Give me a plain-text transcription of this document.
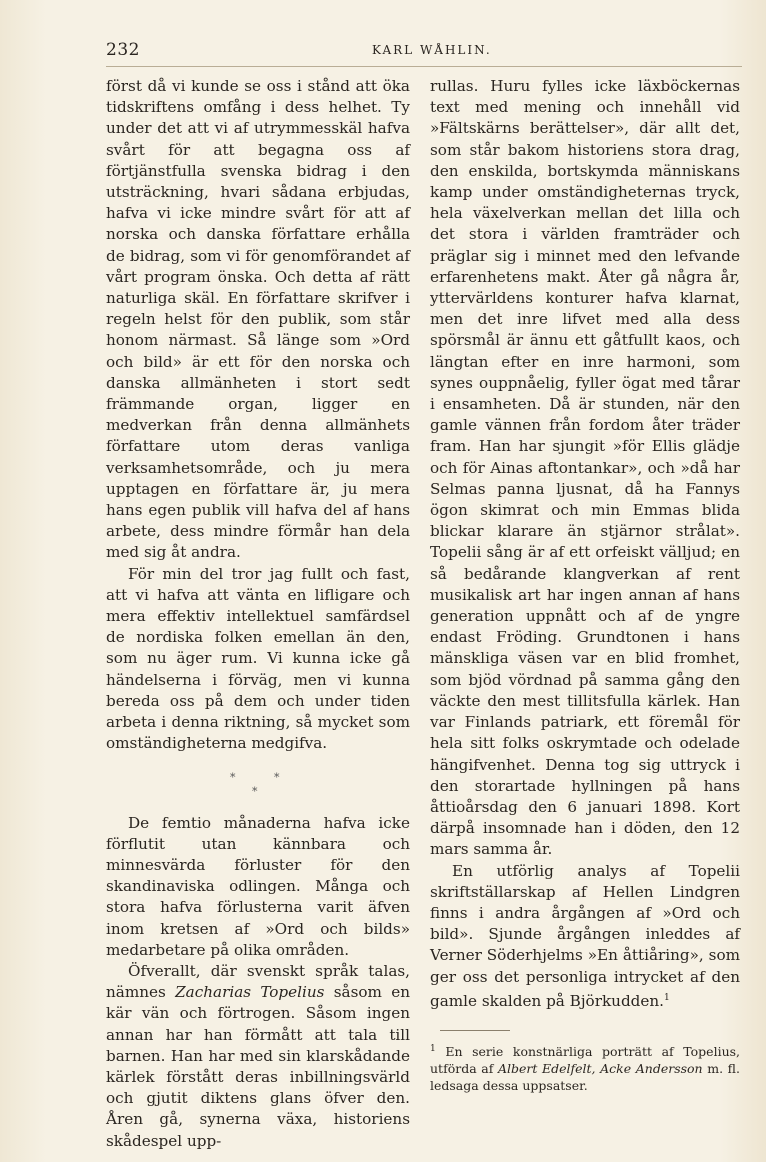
232	KARL WÅHLIN.

först då vi kunde se oss i stånd att öka tidskriftens omfång i dess helhet. Ty under det att vi af utrymmesskäl hafva svårt för att begagna oss af förtjänstfulla svenska bidrag i den utsträckning, hvari sådana erbjudas, hafva vi icke mindre svårt för att af norska och danska författare erhålla de bidrag, som vi för genomförandet af vårt program önska. Och detta af rätt naturliga skäl. En författare skrifver i regeln helst för den publik, som står honom närmast. Så länge som »Ord och bild» är ett för den norska och danska allmänheten i stort sedt främmande organ, ligger en medverkan från denna allmänhets författare utom deras vanliga verksamhetsområde, och ju mera upptagen en författare är, ju mera hans egen publik vill hafva del af hans arbete, dess mindre förmår han dela med sig åt andra.

För min del tror jag fullt och fast, att vi hafva att vänta en lifligare och mera effektiv intellektuel samfärdsel de nordiska folken emellan än den, som nu äger rum. Vi kunna icke gå händelserna i förväg, men vi kunna bereda oss på dem och under tiden arbeta i denna riktning, så mycket som omständigheterna medgifva.

*	*
*

De femtio månaderna hafva icke förflutit utan kännbara och minnesvärda förluster för den skandinaviska odlingen. Många och stora hafva förlusterna varit äfven inom kretsen af »Ord och bilds» medarbetare på olika områden.

Öfverallt, där svenskt språk talas, nämnes Zacharias Topelius såsom en kär vän och förtrogen. Såsom ingen annan har han förmått att tala till barnen. Han har med sin klarskådande kärlek förstått deras inbillningsvärld och gjutit diktens glans öfver den. Åren gå, synerna växa, historiens skådespel upp-

rullas. Huru fylles icke läxböckernas text med mening och innehåll vid »Fältskärns berättelser», där allt det, som står bakom historiens stora drag, den enskilda, bortskymda människans kamp under omständigheternas tryck, hela växelverkan mellan det lilla och det stora i världen framträder och präglar sig i minnet med den lefvande erfarenhetens makt. Åter gå några år, yttervärldens konturer hafva klarnat, men det inre lifvet med alla dess spörsmål är ännu ett gåtfullt kaos, och längtan efter en inre harmoni, som synes ouppnåelig, fyller ögat med tårar i ensamheten. Då är stunden, när den gamle vännen från fordom åter träder fram. Han har sjungit »för Ellis glädje och för Ainas aftontankar», och »då har Selmas panna ljusnat, då ha Fannys ögon skimrat och min Emmas blida blickar klarare än stjärnor strålat». Topelii sång är af ett orfeiskt välljud; en så bedårande klangverkan af rent musikalisk art har ingen annan af hans generation uppnått och af de yngre endast Fröding. Grundtonen i hans mänskliga väsen var en blid fromhet, som bjöd vördnad på samma gång den väckte den mest tillitsfulla kärlek. Han var Finlands patriark, ett föremål för hela sitt folks oskrymtade och odelade hängifvenhet. Denna tog sig uttryck i den storartade hyllningen på hans åttioårsdag den 6 januari 1898. Kort därpå insomnade han i döden, den 12 mars samma år.

En utförlig analys af Topelii skriftställarskap af Hellen Lindgren finns i andra årgången af »Ord och bild». Sjunde årgången inleddes af Verner Söderhjelms »En åttiåring», som ger oss det personliga intrycket af den gamle skalden på Björkudden.$^1$

$^1$ En serie konstnärliga porträtt af Topelius, utförda af Albert Edelfelt, Acke Andersson m. fl. ledsaga dessa uppsatser.
